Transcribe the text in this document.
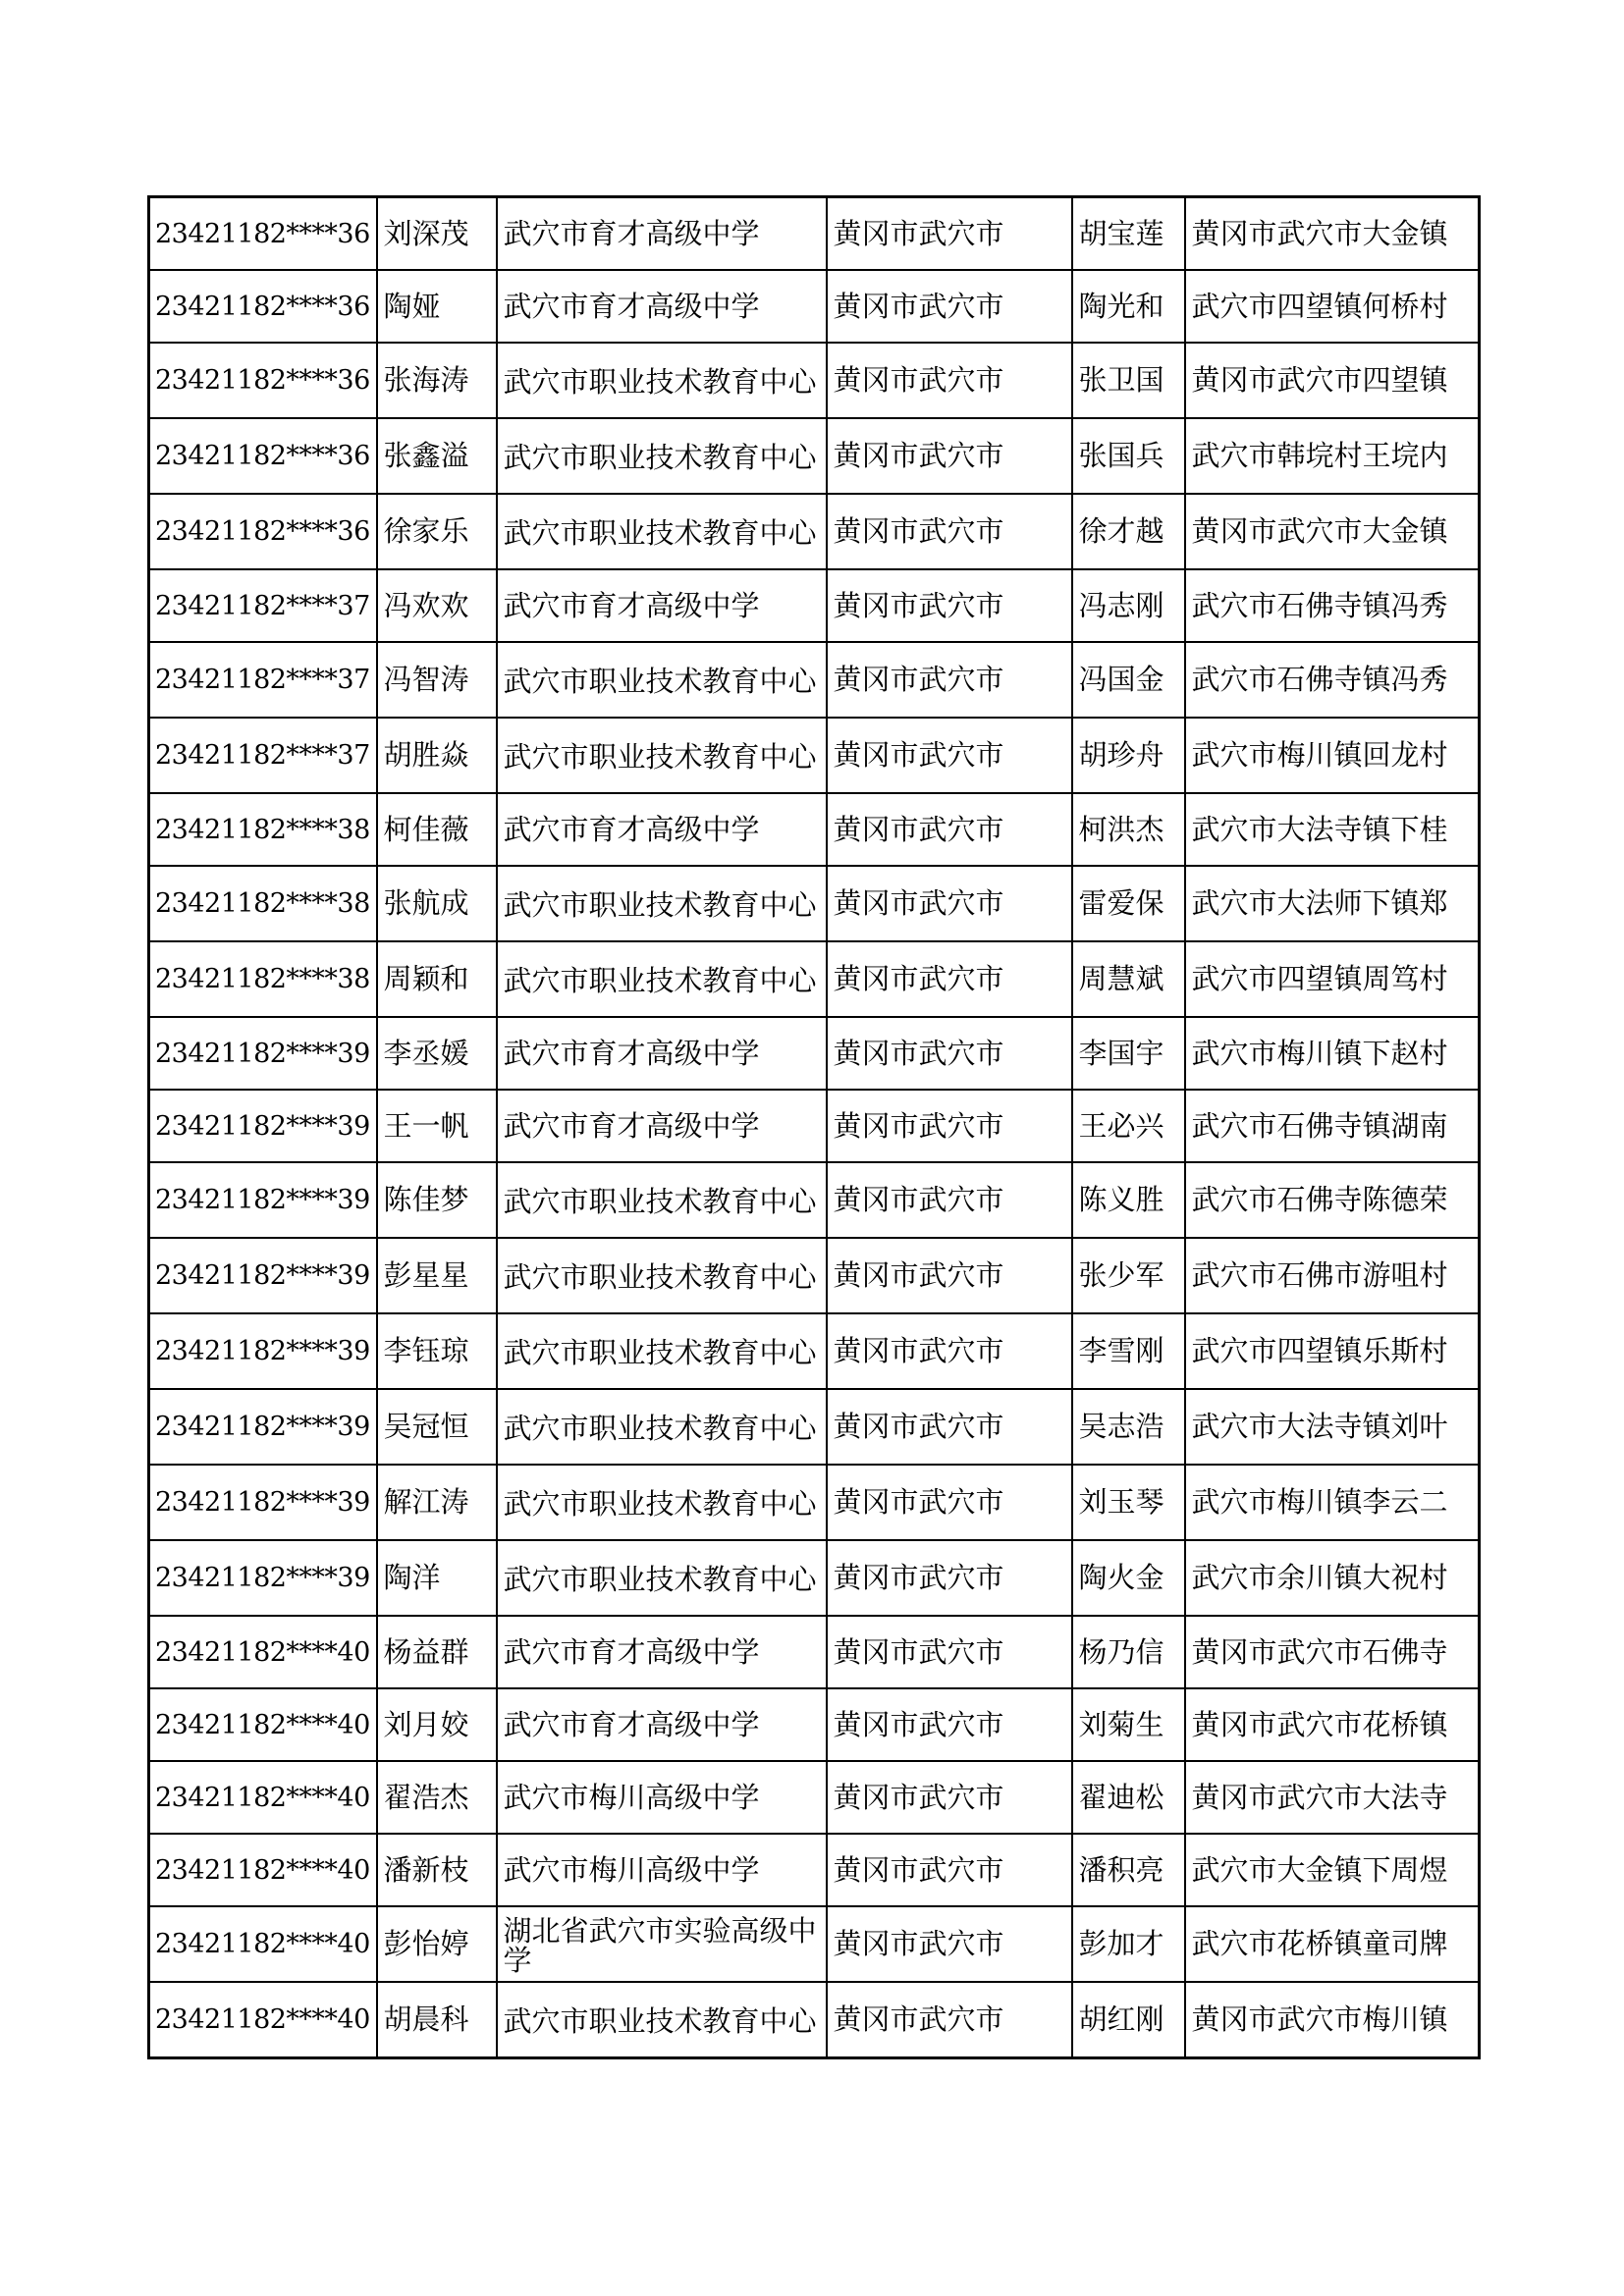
23421182****36	刘深茂	武穴市育才高级中学	黄冈市武穴市	胡宝莲	黄冈市武穴市大金镇
23421182****36	陶娅	武穴市育才高级中学	黄冈市武穴市	陶光和	武穴市四望镇何桥村
23421182****36	张海涛	武穴市职业技术教育中心	黄冈市武穴市	张卫国	黄冈市武穴市四望镇
23421182****36	张鑫溢	武穴市职业技术教育中心	黄冈市武穴市	张国兵	武穴市韩垸村王垸内
23421182****36	徐家乐	武穴市职业技术教育中心	黄冈市武穴市	徐才越	黄冈市武穴市大金镇
23421182****37	冯欢欢	武穴市育才高级中学	黄冈市武穴市	冯志刚	武穴市石佛寺镇冯秀
23421182****37	冯智涛	武穴市职业技术教育中心	黄冈市武穴市	冯国金	武穴市石佛寺镇冯秀
23421182****37	胡胜焱	武穴市职业技术教育中心	黄冈市武穴市	胡珍舟	武穴市梅川镇回龙村
23421182****38	柯佳薇	武穴市育才高级中学	黄冈市武穴市	柯洪杰	武穴市大法寺镇下桂
23421182****38	张航成	武穴市职业技术教育中心	黄冈市武穴市	雷爱保	武穴市大法师下镇郑
23421182****38	周颖和	武穴市职业技术教育中心	黄冈市武穴市	周慧斌	武穴市四望镇周笃村
23421182****39	李丞媛	武穴市育才高级中学	黄冈市武穴市	李国宇	武穴市梅川镇下赵村
23421182****39	王一帆	武穴市育才高级中学	黄冈市武穴市	王必兴	武穴市石佛寺镇湖南
23421182****39	陈佳梦	武穴市职业技术教育中心	黄冈市武穴市	陈义胜	武穴市石佛寺陈德荣
23421182****39	彭星星	武穴市职业技术教育中心	黄冈市武穴市	张少军	武穴市石佛市游咀村
23421182****39	李钰琼	武穴市职业技术教育中心	黄冈市武穴市	李雪刚	武穴市四望镇乐斯村
23421182****39	吴冠恒	武穴市职业技术教育中心	黄冈市武穴市	吴志浩	武穴市大法寺镇刘叶
23421182****39	解江涛	武穴市职业技术教育中心	黄冈市武穴市	刘玉琴	武穴市梅川镇李云二
23421182****39	陶洋	武穴市职业技术教育中心	黄冈市武穴市	陶火金	武穴市余川镇大祝村
23421182****40	杨益群	武穴市育才高级中学	黄冈市武穴市	杨乃信	黄冈市武穴市石佛寺
23421182****40	刘月姣	武穴市育才高级中学	黄冈市武穴市	刘菊生	黄冈市武穴市花桥镇
23421182****40	翟浩杰	武穴市梅川高级中学	黄冈市武穴市	翟迪松	黄冈市武穴市大法寺
23421182****40	潘新枝	武穴市梅川高级中学	黄冈市武穴市	潘积亮	武穴市大金镇下周煜
23421182****40	彭怡婷	湖北省武穴市实验高级中学	黄冈市武穴市	彭加才	武穴市花桥镇童司牌
23421182****40	胡晨科	武穴市职业技术教育中心	黄冈市武穴市	胡红刚	黄冈市武穴市梅川镇
